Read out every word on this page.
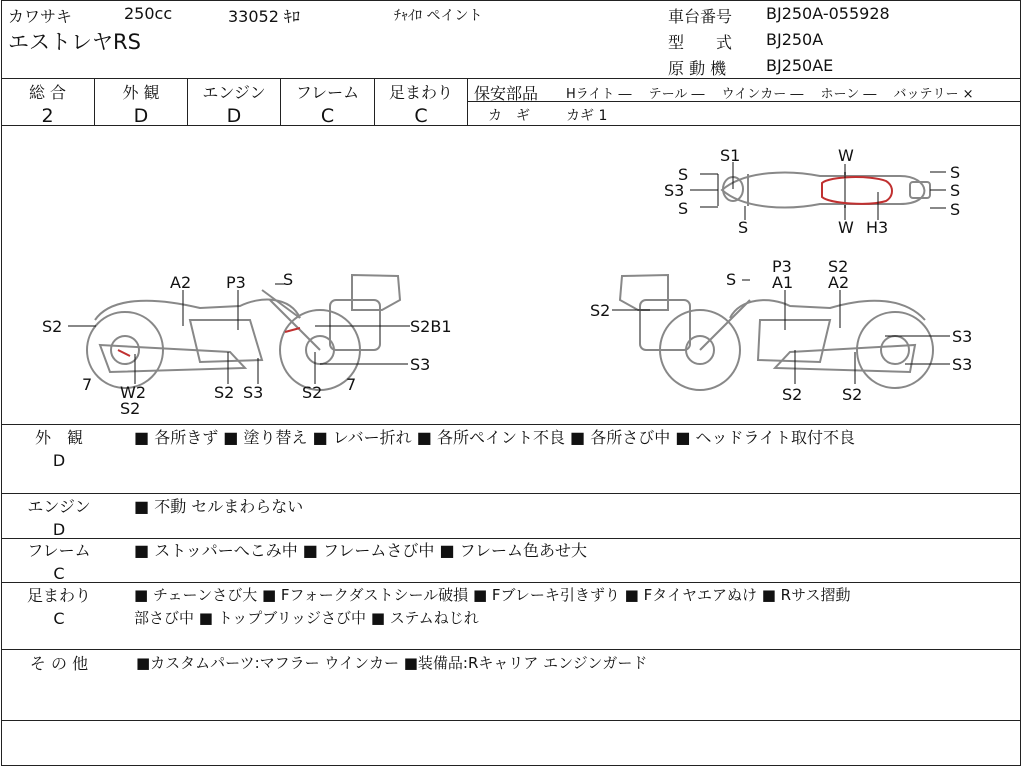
カワサキ	250cc	33052 ｷﾛ	ﾁｬｲﾛ ペイント
エストレヤRS
車台番号 BJ250A-055928
型　　式 BJ250A
原 動 機 BJ250AE
総 合
2
外 観
D
エンジン
D
フレーム
C
足まわり
C
保安部品 Hライト ―　 テール ―　 ウインカー ―　 ホーン ―　 バッテリー ×
カ　ギ	カギ 1
S
S1	W
S
S3
S
S
S
S
W H3
A2 P3 S
S2	S2B1
S3
7	7
W2
S2
S2 S3 S2
S
P3
A1
S2
A2
S2
S3
S3
S2 S2
外　観
D
■ 各所きず ■ 塗り替え ■ レバー折れ ■ 各所ペイント不良 ■ 各所さび中 ■ ヘッドライト取付不良
エンジン
D
■ 不動 セルまわらない
フレーム
C
■ ストッパーへこみ中 ■ フレームさび中 ■ フレーム色あせ大
足まわり
C
■ チェーンさび大 ■ Fフォークダストシール破損 ■ Fブレーキ引きずり ■ Fタイヤエアぬけ ■ Rサス摺動
部さび中 ■ トップブリッジさび中 ■ ステムねじれ
そ の 他	■カスタムパーツ:マフラー ウインカー ■装備品:Rキャリア エンジンガード
